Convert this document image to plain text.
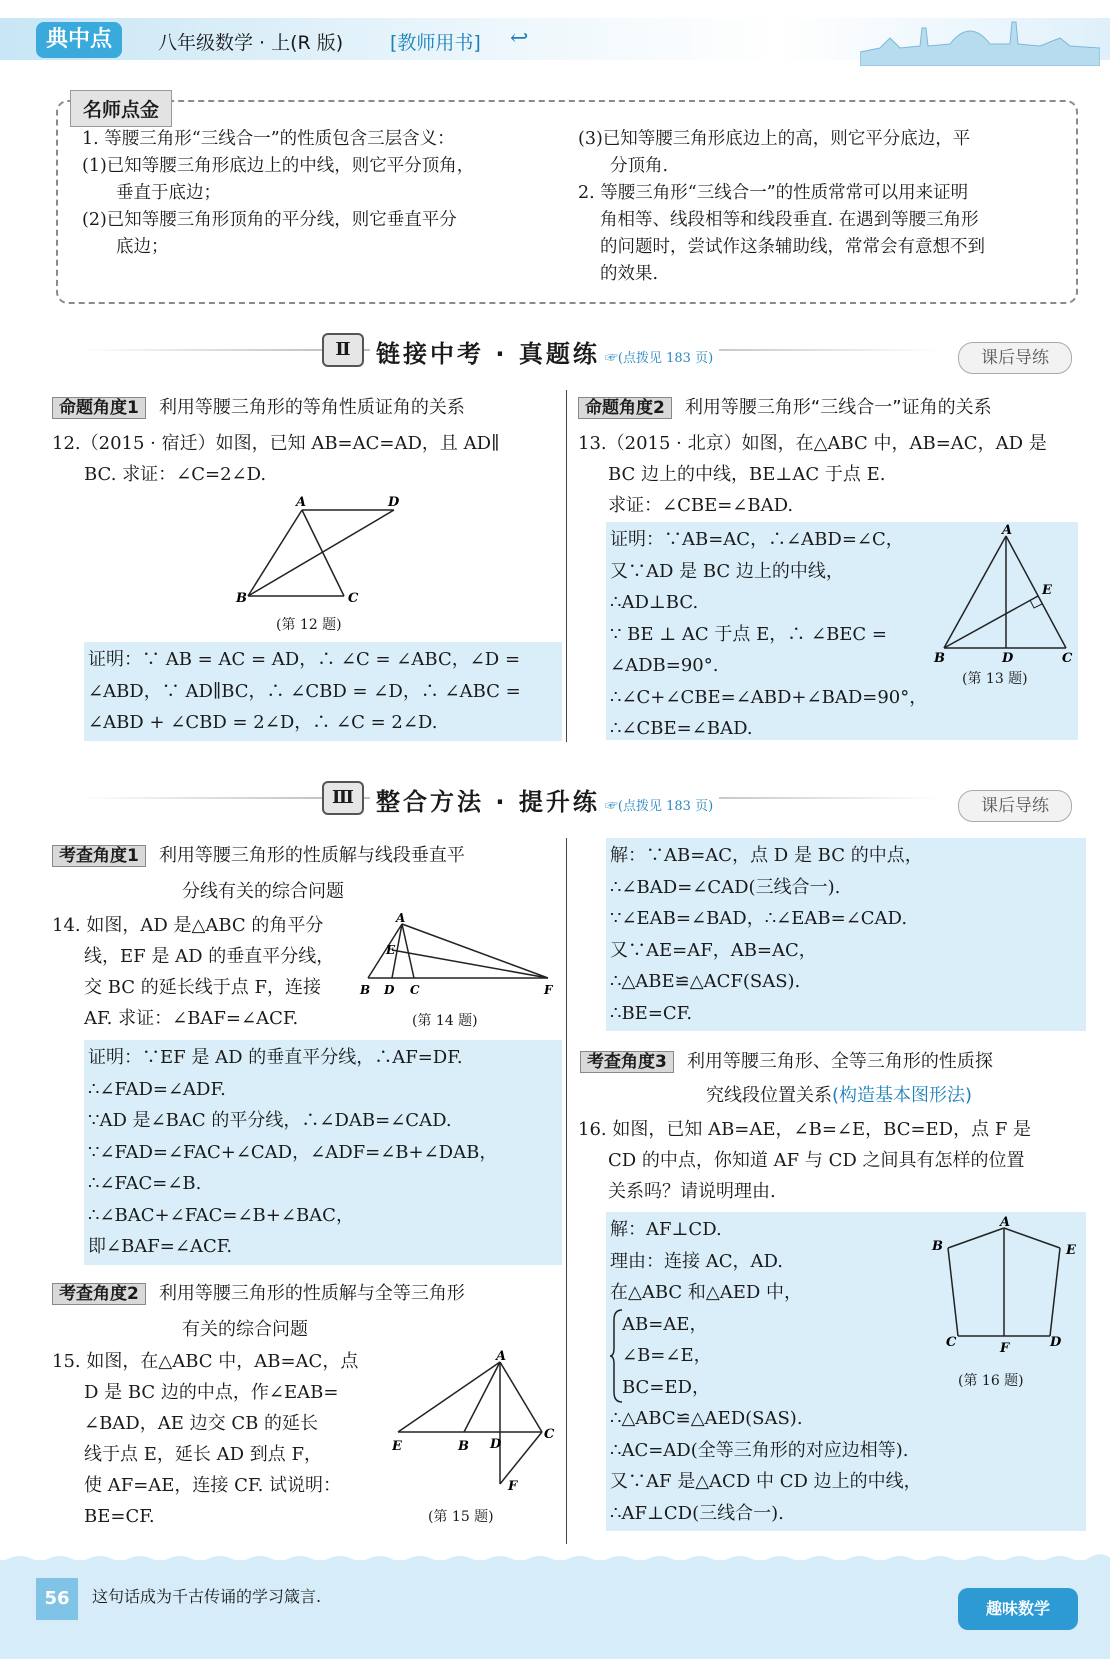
典中点	八年级数学 · 上(R 版) [教师用书] ↩
名师点金
1. 等腰三角形“三线合一”的性质包含三层含义：
(1)已知等腰三角形底边上的中线，则它平分顶角，
垂直于底边；
(2)已知等腰三角形顶角的平分线，则它垂直平分
底边；
(3)已知等腰三角形底边上的高，则它平分底边，平
分顶角.
2. 等腰三角形“三线合一”的性质常常可以用来证明
角相等、线段相等和线段垂直. 在遇到等腰三角形
的问题时，尝试作这条辅助线，常常会有意想不到
的效果.
Ⅱ	链接中考 · 真题练 ☞(点拨见 183 页)	课后导练
命题角度1 利用等腰三角形的等角性质证角的关系
12.（2015 · 宿迁）如图，已知 AB=AC=AD，且 AD∥
BC. 求证：∠C=2∠D.
A	D
B	C
(第 12 题)
证明：∵ AB = AC = AD，∴ ∠C = ∠ABC，∠D =
∠ABD，∵ AD∥BC，∴ ∠CBD = ∠D，∴ ∠ABC =
∠ABD + ∠CBD = 2∠D，∴ ∠C = 2∠D.
命题角度2 利用等腰三角形“三线合一”证角的关系
13.（2015 · 北京）如图，在△ABC 中，AB=AC，AD 是
BC 边上的中线，BE⊥AC 于点 E.
求证：∠CBE=∠BAD.
证明：∵AB=AC，∴∠ABD=∠C，
又∵AD 是 BC 边上的中线，
∴AD⊥BC.
∵ BE ⊥ AC 于点 E，∴ ∠BEC =
∠ADB=90°.
∴∠C+∠CBE=∠ABD+∠BAD=90°，
∴∠CBE=∠BAD.
A
E
B	D	C
(第 13 题)
Ⅲ 整合方法 · 提升练 ☞(点拨见 183 页)	课后导练
考查角度1 利用等腰三角形的性质解与线段垂直平
分线有关的综合问题
14. 如图，AD 是△ABC 的角平分
线，EF 是 AD 的垂直平分线，
交 BC 的延长线于点 F，连接
AF. 求证：∠BAF=∠ACF.
A
E
B D C	F
(第 14 题)
证明：∵EF 是 AD 的垂直平分线，∴AF=DF.
∴∠FAD=∠ADF.
∵AD 是∠BAC 的平分线，∴∠DAB=∠CAD.
∵∠FAD=∠FAC+∠CAD，∠ADF=∠B+∠DAB，
∴∠FAC=∠B.
∴∠BAC+∠FAC=∠B+∠BAC，
即∠BAF=∠ACF.
考查角度2 利用等腰三角形的性质解与全等三角形
有关的综合问题
15. 如图，在△ABC 中，AB=AC，点
D 是 BC 边的中点，作∠EAB=
∠BAD，AE 边交 CB 的延长
线于点 E，延长 AD 到点 F，
使 AF=AE，连接 CF. 试说明：
BE=CF.
A
E	B D
C
F
(第 15 题)
解：∵AB=AC，点 D 是 BC 的中点，
∴∠BAD=∠CAD(三线合一).
∵∠EAB=∠BAD，∴∠EAB=∠CAD.
又∵AE=AF，AB=AC，
∴△ABE≌△ACF(SAS).
∴BE=CF.
考查角度3 利用等腰三角形、全等三角形的性质探
究线段位置关系(构造基本图形法)
16. 如图，已知 AB=AE，∠B=∠E，BC=ED，点 F 是
CD 的中点，你知道 AF 与 CD 之间具有怎样的位置
关系吗？请说明理由.
解：AF⊥CD.
理由：连接 AC，AD.
在△ABC 和△AED 中，
AB=AE，
∠B=∠E，
BC=ED，
∴△ABC≌△AED(SAS).
∴AC=AD(全等三角形的对应边相等).
又∵AF 是△ACD 中 CD 边上的中线，
∴AF⊥CD(三线合一).
A
B	E
C	F	D
(第 16 题)
56	这句话成为千古传诵的学习箴言.
趣味数学
